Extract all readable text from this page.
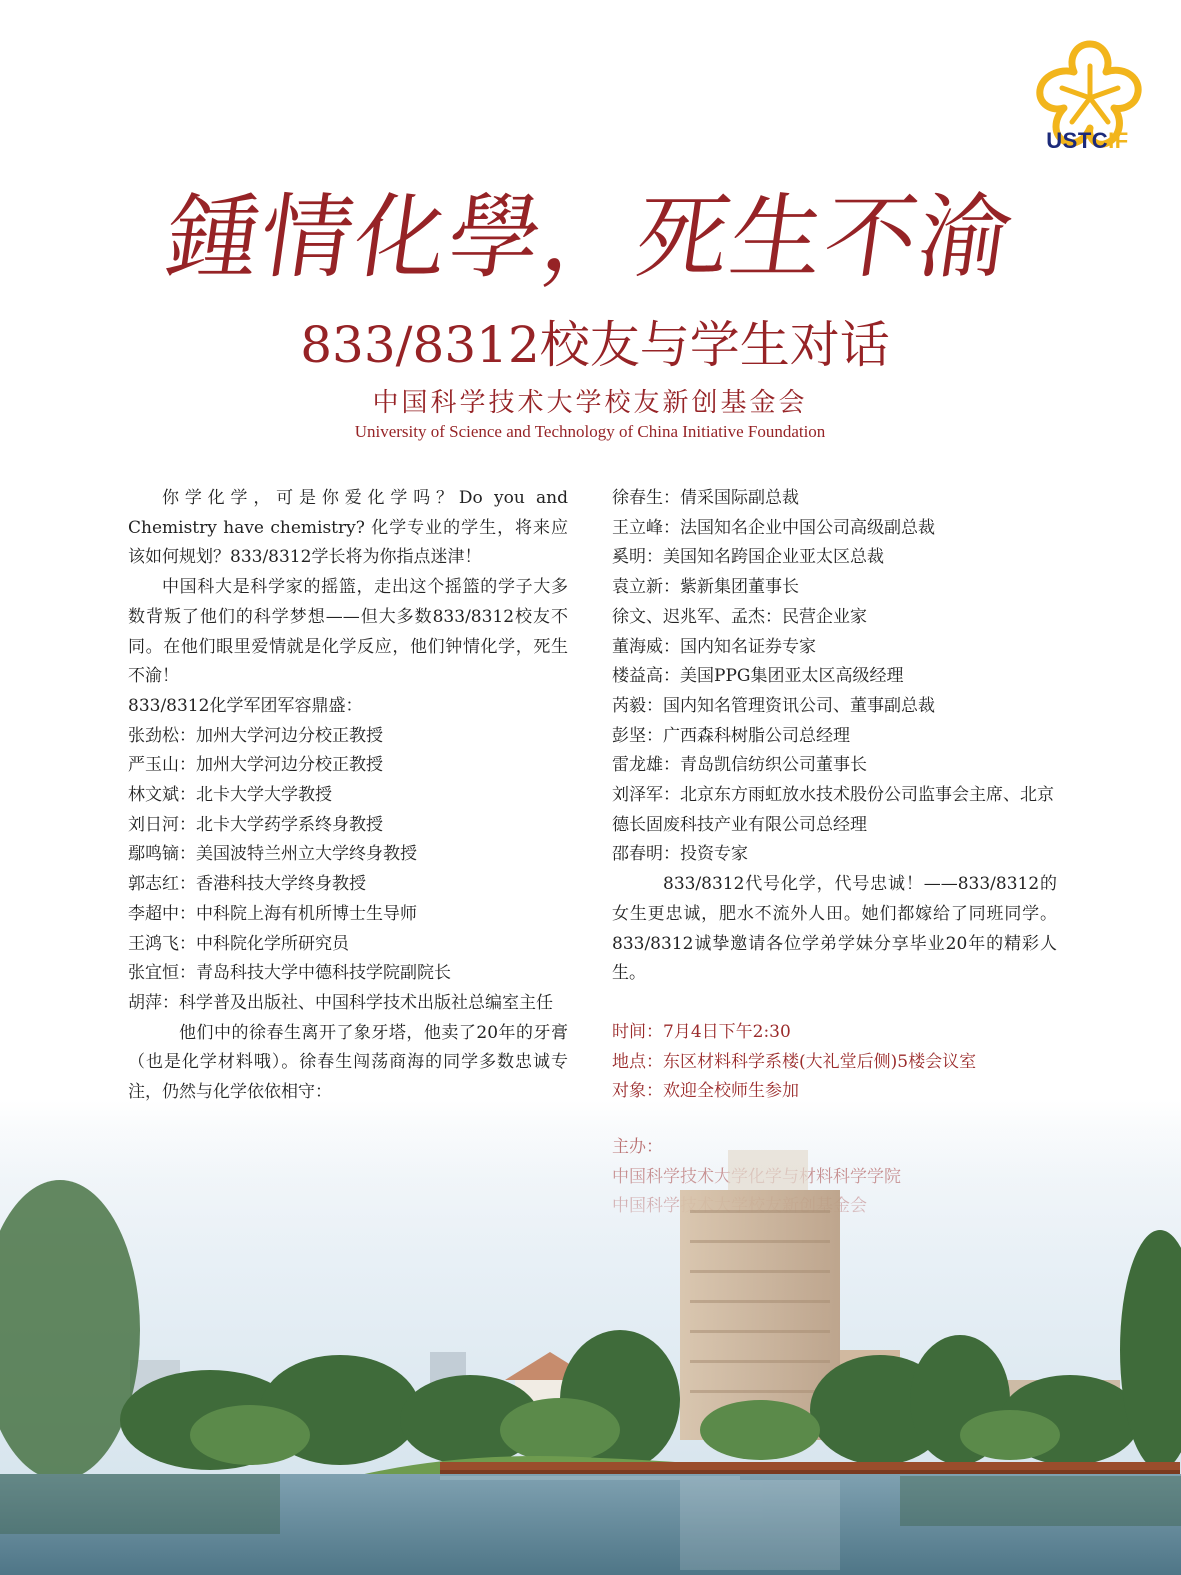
USTCIF
鍾情化學，死生不渝
833/8312校友与学生对话
中国科学技术大学校友新创基金会
University of Science and Technology of China Initiative Foundation

你学化学，可是你爱化学吗？Do you and Chemistry have chemistry? 化学专业的学生，将来应该如何规划？833/8312学长将为你指点迷津！

中国科大是科学家的摇篮，走出这个摇篮的学子大多数背叛了他们的科学梦想——但大多数833/8312校友不同。在他们眼里爱情就是化学反应，他们钟情化学，死生不渝！

833/8312化学军团军容鼎盛：

张劲松：加州大学河边分校正教授

严玉山：加州大学河边分校正教授

林文斌：北卡大学大学教授

刘日河：北卡大学药学系终身教授

鄢鸣镝：美国波特兰州立大学终身教授

郭志红：香港科技大学终身教授

李超中：中科院上海有机所博士生导师

王鸿飞：中科院化学所研究员

张宜恒：青岛科技大学中德科技学院副院长

胡萍：科学普及出版社、中国科学技术出版社总编室主任

他们中的徐春生离开了象牙塔，他卖了20年的牙膏（也是化学材料哦）。徐春生闯荡商海的同学多数忠诚专

徐春生：倩采国际副总裁

王立峰：法国知名企业中国公司高级副总裁

奚明：美国知名跨国企业亚太区总裁

袁立新：紫新集团董事长

徐文、迟兆军、孟杰：民营企业家

董海威：国内知名证券专家

楼益高：美国PPG集团亚太区高级经理

芮毅：国内知名管理资讯公司、董事副总裁

彭坚：广西森科树脂公司总经理

雷龙雄：青岛凯信纺织公司董事长

刘泽军：北京东方雨虹放水技术股份公司监事会主席、北京德长固废科技产业有限公司总经理

邵春明：投资专家

833/8312代号化学，代号忠诚！——833/8312的女生更忠诚，肥水不流外人田。她们都嫁给了同班同学。833/8312诚挚邀请各位学弟学妹分享毕业20年的精彩人生。

时间：7月4日下午2:30

地点：东区材料科学系楼(大礼堂后侧)5楼会议室
